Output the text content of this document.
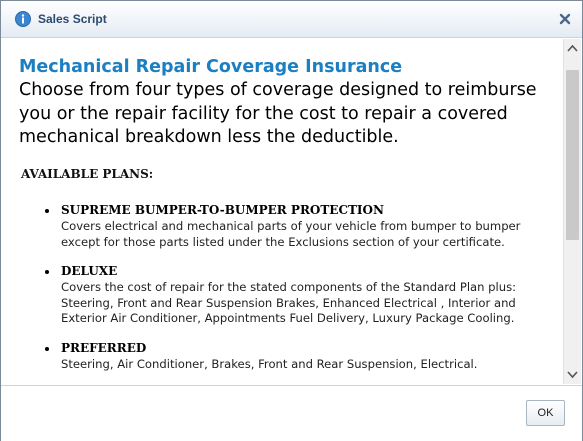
Sales Script
Mechanical Repair Coverage Insurance
Choose from four types of coverage designed to reimburse you or the repair facility for the cost to repair a covered mechanical breakdown less the deductible.
AVAILABLE PLANS:
SUPREME BUMPER-TO-BUMPER PROTECTION
Covers electrical and mechanical parts of your vehicle from bumper to bumper except for those parts listed under the Exclusions section of your certificate.
DELUXE
Covers the cost of repair for the stated components of the Standard Plan plus: Steering, Front and Rear Suspension Brakes, Enhanced Electrical , Interior and Exterior Air Conditioner, Appointments Fuel Delivery, Luxury Package Cooling.
PREFERRED
Steering, Air Conditioner, Brakes, Front and Rear Suspension, Electrical.
OK
